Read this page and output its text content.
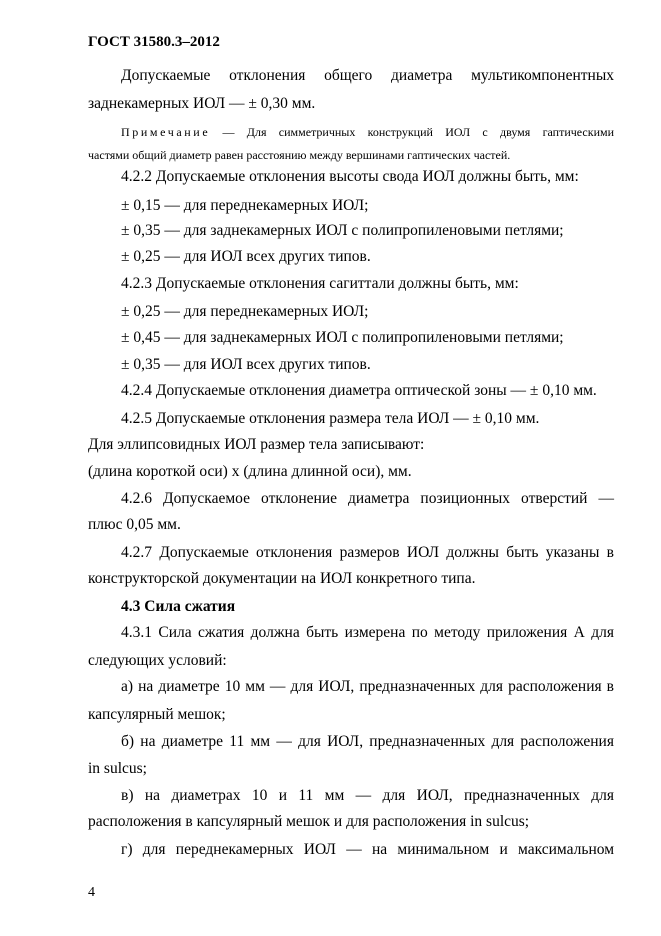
ГОСТ 31580.3–2012
Допускаемые отклонения общего диаметра мультикомпонентных
заднекамерных ИОЛ — ± 0,30 мм.
Примечание — Для симметричных конструкций ИОЛ с двумя гаптическими
частями общий диаметр равен расстоянию между вершинами гаптических частей.
4.2.2 Допускаемые отклонения высоты свода ИОЛ должны быть, мм:
± 0,15 — для переднекамерных ИОЛ;
± 0,35 — для заднекамерных ИОЛ с полипропиленовыми петлями;
± 0,25 — для ИОЛ всех других типов.
4.2.3 Допускаемые отклонения сагиттали должны быть, мм:
± 0,25 — для переднекамерных ИОЛ;
± 0,45 — для заднекамерных ИОЛ с полипропиленовыми петлями;
± 0,35 — для ИОЛ всех других типов.
4.2.4 Допускаемые отклонения диаметра оптической зоны — ± 0,10 мм.
4.2.5 Допускаемые отклонения размера тела ИОЛ — ± 0,10 мм.
Для эллипсовидных ИОЛ размер тела записывают:
(длина короткой оси) x (длина длинной оси), мм.
4.2.6 Допускаемое отклонение диаметра позиционных отверстий —
плюс 0,05 мм.
4.2.7 Допускаемые отклонения размеров ИОЛ должны быть указаны в
конструкторской документации на ИОЛ конкретного типа.
4.3 Сила сжатия
4.3.1 Сила сжатия должна быть измерена по методу приложения А для
следующих условий:
а) на диаметре 10 мм — для ИОЛ, предназначенных для расположения в
капсулярный мешок;
б) на диаметре 11 мм — для ИОЛ, предназначенных для расположения
in sulcus;
в) на диаметрах 10 и 11 мм — для ИОЛ, предназначенных для
расположения в капсулярный мешок и для расположения in sulcus;
г) для переднекамерных ИОЛ — на минимальном и максимальном
4
